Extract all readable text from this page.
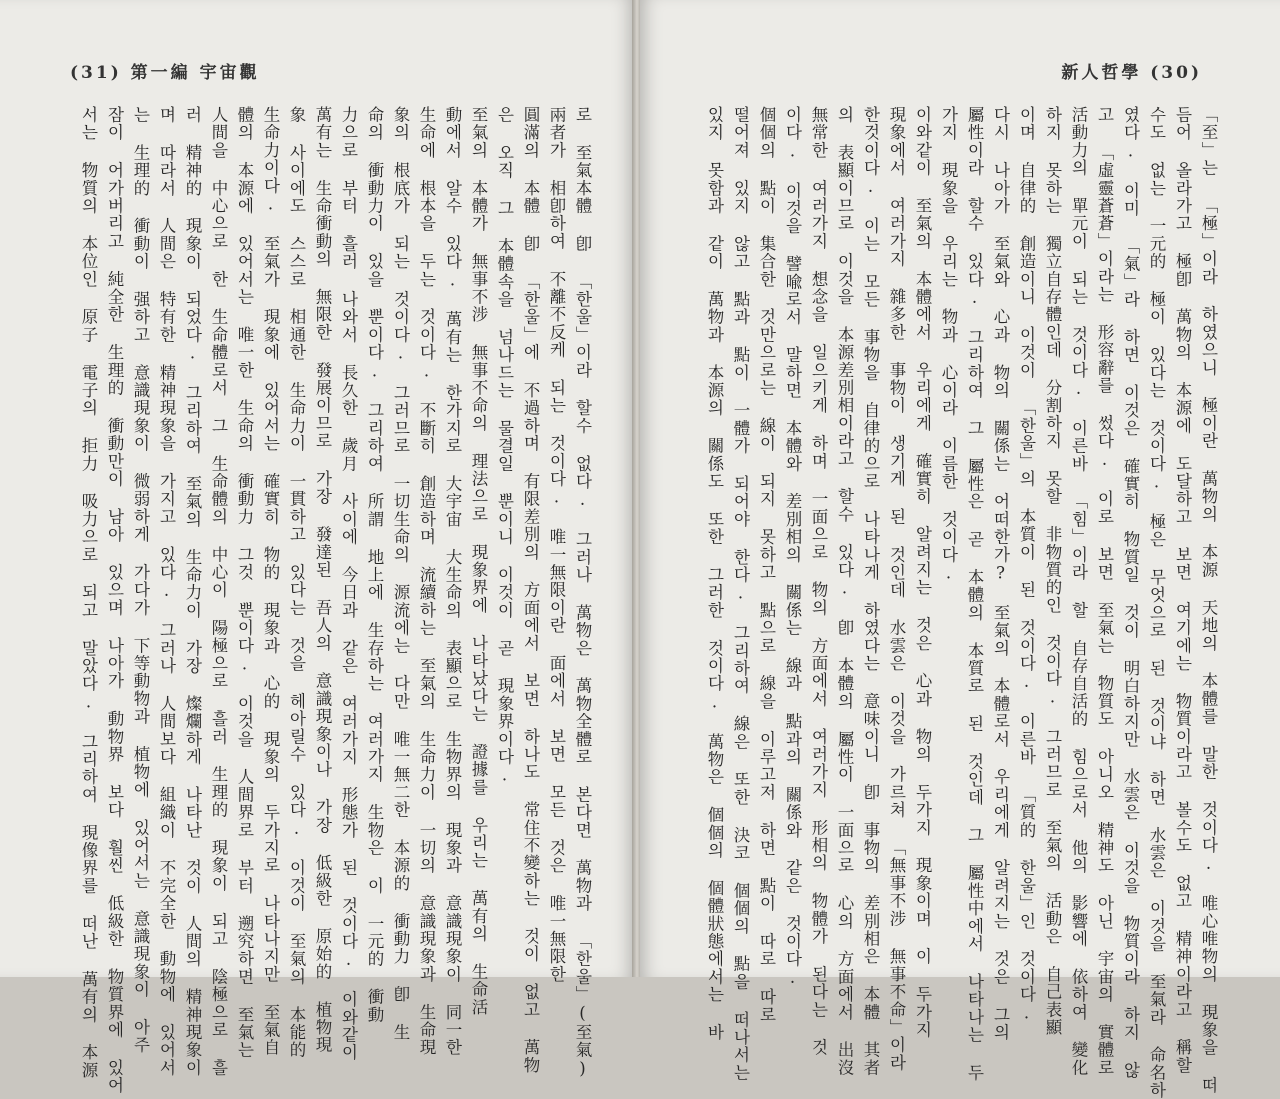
(31) 第一編 宇宙觀
로 至氣本體 卽 「한울」이라 할수 없다. 그러나 萬物은 萬物全體로 본다면 萬物과 「한울」(至氣)
兩者가 相卽하여 不離不反케 되는 것이다. 唯一無限이란 面에서 보면 모든 것은 唯一無限한
圓滿의 本體 卽 「한울」에 不過하며 有限差別의 方面에서 보면 하나도 常住不變하는 것이 없고 萬物
은 오직 그 本體속을 넘나드는 물결일 뿐이니 이것이 곧 現象界이다.
至氣의 本體가 無事不涉 無事不命의 理法으로 現象界에 나타났다는 證據를 우리는 萬有의 生命活
動에서 알수 있다. 萬有는 한가지로 大宇宙 大生命의 表顯으로 生物界의 現象과 意識現象이 同一한
生命에 根本을 두는 것이다. 不斷히 創造하며 流續하는 至氣의 生命力이 一切의 意識現象과 生命現
象의 根底가 되는 것이다. 그러므로 一切生命의 源流에는 다만 唯一無二한 本源的 衝動力 卽 生
命의 衝動力이 있을 뿐이다. 그리하여 所謂 地上에 生存하는 여러가지 生物은 이 一元的 衝動
力으로 부터 흘러 나와서 長久한 歲月 사이에 今日과 같은 여러가지 形態가 된 것이다. 이와같이
萬有는 生命衝動의 無限한 發展이므로 가장 發達된 吾人의 意識現象이나 가장 低級한 原始的 植物現
象 사이에도 스스로 相通한 生命力이 一貫하고 있다는 것을 헤아릴수 있다. 이것이 至氣의 本能的
生命力이다. 至氣가 現象에 있어서는 確實히 物的 現象과 心的 現象의 두가지로 나타나지만 至氣自
體의 本源에 있어서는 唯一한 生命의 衝動力 그것 뿐이다. 이것을 人間界로 부터 遡究하면 至氣는
人間을 中心으로 한 生命體로서 그 生命體의 中心이 陽極으로 흘러 生理的 現象이 되고 陰極으로 흘
러 精神的 現象이 되었다. 그리하여 至氣의 生命力이 가장 燦爛하게 나타난 것이 人間의 精神現象이
며 따라서 人間은 特有한 精神現象을 가지고 있다. 그러나 人間보다 組織이 不完全한 動物에 있어서
는 生理的 衝動이 强하고 意識現象이 微弱하게 가다가 下等動物과 植物에 있어서는 意識現象이 아주
잠이 어가버리고 純全한 生理的 衝動만이 남아 있으며 나아가 動物界 보다 훨씬 低級한 物質界에 있어
서는 物質의 本位인 原子 電子의 拒力 吸力으로 되고 말았다. 그리하여 現像界를 떠난 萬有의 本源
新人哲學 (30)
「至」는 「極」이라 하였으니 極이란 萬物의 本源 天地의 本體를 말한 것이다. 唯心唯物의 現象을 떠
듬어 올라가고 極卽 萬物의 本源에 도달하고 보면 여기에는 物質이라고 볼수도 없고 精神이라고 稱할
수도 없는 一元的 極이 있다는 것이다. 極은 무엇으로 된 것이냐 하면 水雲은 이것을 至氣라 命名하
였다. 이미 「氣」라 하면 이것은 確實히 物質일 것이 明白하지만 水雲은 이것을 物質이라 하지 않
고 「虛靈蒼蒼」이라는 形容辭를 썼다. 이로 보면 至氣는 物質도 아니오 精神도 아닌 宇宙의 實體로
活動力의 單元이 되는 것이다. 이른바 「힘」이라 할 自存自活的 힘으로서 他의 影響에 依하여 變化
하지 못하는 獨立自存體인데 分割하지 못할 非物質的인 것이다. 그러므로 至氣의 活動은 自己表顯
이며 自律的 創造이니 이것이 「한울」의 本質이 된 것이다. 이른바 「質的 한울」인 것이다.
다시 나아가 至氣와 心과 物의 關係는 어떠한가? 至氣의 本體로서 우리에게 알려지는 것은 그의
屬性이라 할수 있다. 그리하여 그 屬性은 곧 本體의 本質로 된 것인데 그 屬性中에서 나타나는 두
가지 現象을 우리는 物과 心이라 이름한 것이다.
이와같이 至氣의 本體에서 우리에게 確實히 알려지는 것은 心과 物의 두가지 現象이며 이 두가지
現象에서 여러가지 雜多한 事物이 생기게 된 것인데 水雲은 이것을 가르쳐 「無事不涉 無事不命」이라
한것이다. 이는 모든 事物을 自律的으로 나타나게 하였다는 意味이니 卽 事物의 差別相은 本體 其者
의 表顯이므로 이것을 本源差別相이라고 할수 있다. 卽 本體의 屬性이 一面으로 心의 方面에서 出沒
無常한 여러가지 想念을 일으키게 하며 一面으로 物의 方面에서 여러가지 形相의 物體가 된다는 것
이다. 이것을 譬喩로서 말하면 本體와 差別相의 關係는 線과 點과의 關係와 같은 것이다.
個個의 點이 集合한 것만으로는 線이 되지 못하고 點으로 線을 이루고저 하면 點이 따로 따로
떨어져 있지 않고 點과 點이 一體가 되어야 한다. 그리하여 線은 또한 決코 個個의 點을 떠나서는
있지 못함과 같이 萬物과 本源의 關係도 또한 그러한 것이다. 萬物은 個個의 個體狀態에서는 바
